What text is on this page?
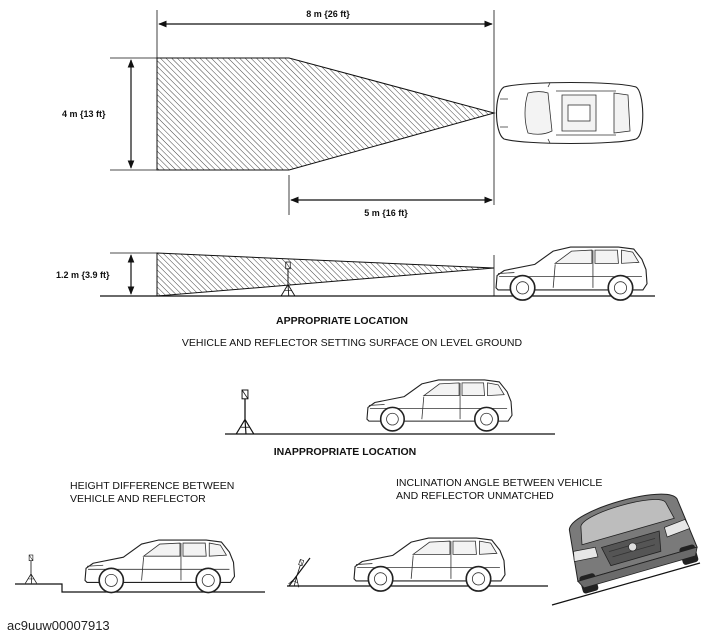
8 m {26 ft}
4 m {13 ft}
5 m {16 ft}
1.2 m {3.9 ft}
APPROPRIATE LOCATION
VEHICLE AND REFLECTOR SETTING SURFACE ON LEVEL GROUND
INAPPROPRIATE LOCATION
HEIGHT DIFFERENCE BETWEEN
VEHICLE AND REFLECTOR
INCLINATION ANGLE BETWEEN VEHICLE
AND REFLECTOR UNMATCHED
ac9uuw00007913
